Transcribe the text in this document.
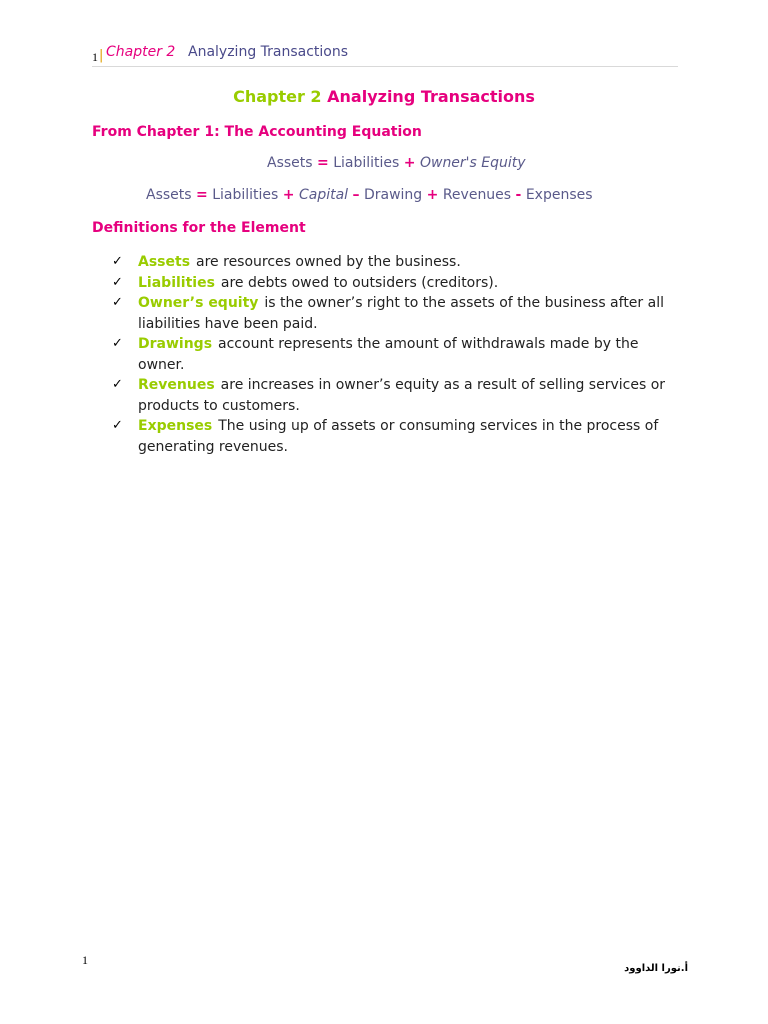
1 | Chapter 2 Analyzing Transactions
Chapter 2 Analyzing Transactions
From Chapter 1: The Accounting Equation
Assets = Liabilities + Owner's Equity
Assets = Liabilities + Capital – Drawing + Revenues - Expenses
Definitions for the Element
✓ Assets are resources owned by the business.
✓ Liabilities are debts owed to outsiders (creditors).
✓ Owner’s equity is the owner’s right to the assets of the business after all liabilities have been paid.
✓ Drawings account represents the amount of withdrawals made by the owner.
✓ Revenues are increases in owner’s equity as a result of selling services or products to customers.
✓ Expenses The using up of assets or consuming services in the process of generating revenues.
1
أ.نورا الداوود
